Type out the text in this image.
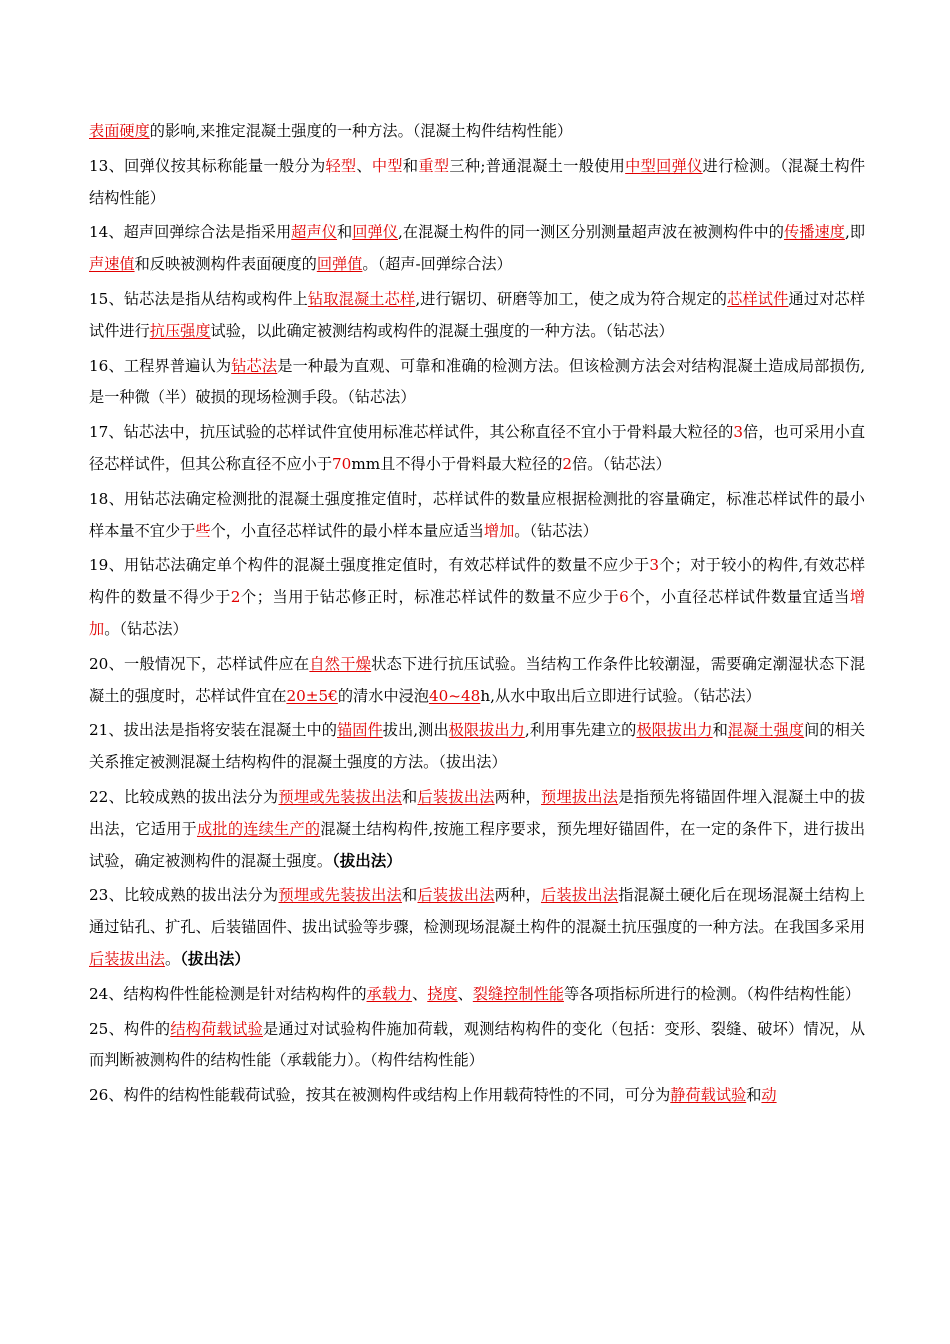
表面硬度的影响,来推定混凝土强度的一种方法。（混凝土构件结构性能）

13、回弹仪按其标称能量一般分为轻型、中型和重型三种;普通混凝土一般使用中型回弹仪进行检测。（混凝土构件结构性能）

14、超声回弹综合法是指采用超声仪和回弹仪,在混凝土构件的同一测区分别测量超声波在被测构件中的传播速度,即声速值和反映被测构件表面硬度的回弹值。（超声-回弹综合法）

15、钻芯法是指从结构或构件上钻取混凝土芯样,进行锯切、研磨等加工，使之成为符合规定的芯样试件通过对芯样试件进行抗压强度试验，以此确定被测结构或构件的混凝土强度的一种方法。（钻芯法）

16、工程界普遍认为钻芯法是一种最为直观、可靠和准确的检测方法。但该检测方法会对结构混凝土造成局部损伤,是一种微（半）破损的现场检测手段。（钻芯法）

17、钻芯法中，抗压试验的芯样试件宜使用标准芯样试件，其公称直径不宜小于骨料最大粒径的3倍，也可采用小直径芯样试件，但其公称直径不应小于70mm且不得小于骨料最大粒径的2倍。（钻芯法）

18、用钻芯法确定检测批的混凝土强度推定值时，芯样试件的数量应根据检测批的容量确定，标准芯样试件的最小样本量不宜少于些个，小直径芯样试件的最小样本量应适当增加。（钻芯法）

19、用钻芯法确定单个构件的混凝土强度推定值时，有效芯样试件的数量不应少于3个；对于较小的构件,有效芯样构件的数量不得少于2个；当用于钻芯修正时，标准芯样试件的数量不应少于6个，小直径芯样试件数量宜适当增加。（钻芯法）

20、一般情况下，芯样试件应在自然干燥状态下进行抗压试验。当结构工作条件比较潮湿，需要确定潮湿状态下混凝土的强度时，芯样试件宜在20±5€的清水中浸泡40~48h,从水中取出后立即进行试验。（钻芯法）

21、拔出法是指将安装在混凝土中的锚固件拔出,测出极限拔出力,利用事先建立的极限拔出力和混凝土强度间的相关关系推定被测混凝土结构构件的混凝土强度的方法。（拔出法）

22、比较成熟的拔出法分为预埋或先装拔出法和后装拔出法两种，预埋拔出法是指预先将锚固件埋入混凝土中的拔出法，它适用于成批的连续生产的混凝土结构构件,按施工程序要求，预先埋好锚固件，在一定的条件下，进行拔出试验，确定被测构件的混凝土强度。（拔出法）

23、比较成熟的拔出法分为预埋或先装拔出法和后装拔出法两种，后装拔出法指混凝土硬化后在现场混凝土结构上通过钻孔、扩孔、后装锚固件、拔出试验等步骤，检测现场混凝土构件的混凝土抗压强度的一种方法。在我国多采用后装拔出法。（拔出法）

24、结构构件性能检测是针对结构构件的承载力、挠度、裂缝控制性能等各项指标所进行的检测。（构件结构性能）

25、构件的结构荷载试验是通过对试验构件施加荷载，观测结构构件的变化（包括：变形、裂缝、破坏）情况，从而判断被测构件的结构性能（承载能力）。（构件结构性能）

26、构件的结构性能载荷试验，按其在被测构件或结构上作用载荷特性的不同，可分为静荷载试验和动
